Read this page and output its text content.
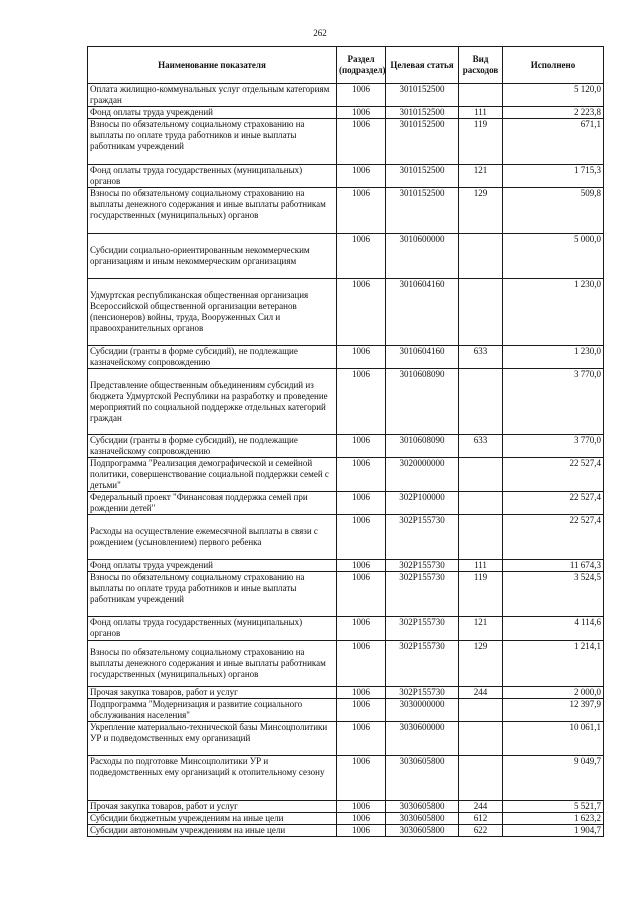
262
Наименование показателя	Раздел (подраздел)	Целевая статья	Вид расходов	Исполнено
Оплата жилищно-коммунальных услуг отдельным категориям граждан	1006	3010152500		5 120,0
Фонд оплаты труда учреждений	1006	3010152500	111	2 223,8
Взносы по обязательному социальному страхованию на выплаты по оплате труда работников и иные выплаты работникам учреждений	1006	3010152500	119	671,1
Фонд оплаты труда государственных (муниципальных) органов	1006	3010152500	121	1 715,3
Взносы по обязательному социальному страхованию на выплаты денежного содержания и иные выплаты работникам государственных (муниципальных) органов	1006	3010152500	129	509,8
Субсидии социально-ориентированным некоммерческим организациям и иным некоммерческим организациям	1006	3010600000		5 000,0
Удмуртская республиканская общественная организация Всероссийской общественной организации ветеранов (пенсионеров) войны, труда, Вооруженных Сил и правоохранительных органов	1006	3010604160		1 230,0
Субсидии (гранты в форме субсидий), не подлежащие казначейскому сопровождению	1006	3010604160	633	1 230,0
Представление общественным объединениям субсидий из бюджета Удмуртской Республики на разработку и проведение мероприятий по социальной поддержке отдельных категорий граждан	1006	3010608090		3 770,0
Субсидии (гранты в форме субсидий), не подлежащие казначейскому сопровождению	1006	3010608090	633	3 770,0
Подпрограмма "Реализация демографической и семейной политики, совершенствование социальной поддержки семей с детьми"	1006	3020000000		22 527,4
Федеральный проект "Финансовая поддержка семей при рождении детей"	1006	302P100000		22 527,4
Расходы на осуществление ежемесячной выплаты в связи с рождением (усыновлением) первого ребенка	1006	302P155730		22 527,4
Фонд оплаты труда учреждений	1006	302P155730	111	11 674,3
Взносы по обязательному социальному страхованию на выплаты по оплате труда работников и иные выплаты работникам учреждений	1006	302P155730	119	3 524,5
Фонд оплаты труда государственных (муниципальных) органов	1006	302P155730	121	4 114,6
Взносы по обязательному социальному страхованию на выплаты денежного содержания и иные выплаты работникам государственных (муниципальных) органов	1006	302P155730	129	1 214,1
Прочая закупка товаров, работ и услуг	1006	302P155730	244	2 000,0
Подпрограмма "Модернизация и развитие социального обслуживания населения"	1006	3030000000		12 397,9
Укрепление материально-технической базы Минсоцполитики УР и подведомственных ему организаций	1006	3030600000		10 061,1
Расходы по подготовке Минсоцполитики УР и подведомственных ему организаций к отопительному сезону	1006	3030605800		9 049,7
Прочая закупка товаров, работ и услуг	1006	3030605800	244	5 521,7
Субсидии бюджетным учреждениям на иные цели	1006	3030605800	612	1 623,2
Субсидии автономным учреждениям на иные цели	1006	3030605800	622	1 904,7
